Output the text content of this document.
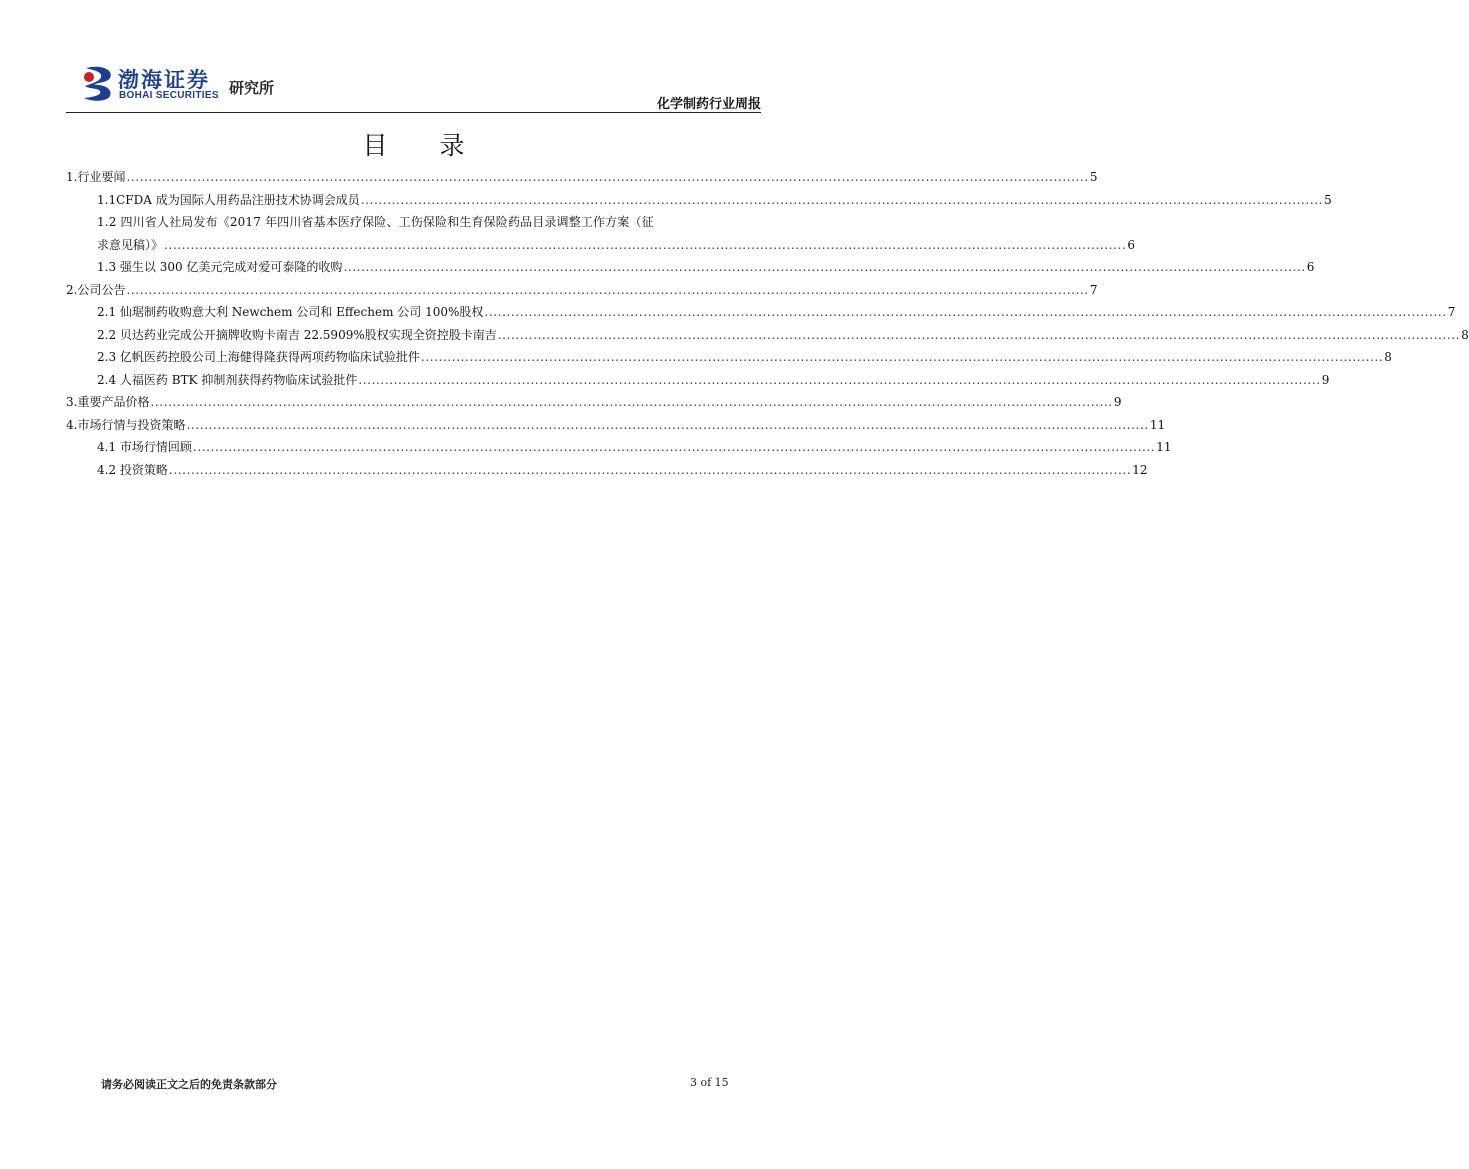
渤海证券
BOHAI SECURITIES 研究所
化学制药行业周报
目 录
1.行业要闻 .......................................................................................................................................................................................................................... 5
1.1CFDA 成为国际人用药品注册技术协调会成员 .......................................................................................................................................................................................................................... 5
1.2 四川省人社局发布《2017 年四川省基本医疗保险、工伤保险和生育保险药品目录调整工作方案（征
求意见稿）》 .......................................................................................................................................................................................................................... 6
1.3 强生以 300 亿美元完成对爱可泰隆的收购 .......................................................................................................................................................................................................................... 6
2.公司公告 .......................................................................................................................................................................................................................... 7
2.1 仙琚制药收购意大利 Newchem 公司和 Effechem 公司 100%股权 .......................................................................................................................................................................................................................... 7
2.2 贝达药业完成公开摘牌收购卡南吉 22.5909%股权实现全资控股卡南吉 .......................................................................................................................................................................................................................... 8
2.3 亿帆医药控股公司上海健得隆获得两项药物临床试验批件 .......................................................................................................................................................................................................................... 8
2.4 人福医药 BTK 抑制剂获得药物临床试验批件 .......................................................................................................................................................................................................................... 9
3.重要产品价格 .......................................................................................................................................................................................................................... 9
4.市场行情与投资策略 .......................................................................................................................................................................................................................... 11
4.1 市场行情回顾 .......................................................................................................................................................................................................................... 11
4.2 投资策略 .......................................................................................................................................................................................................................... 12
请务必阅读正文之后的免责条款部分	3 of 15
